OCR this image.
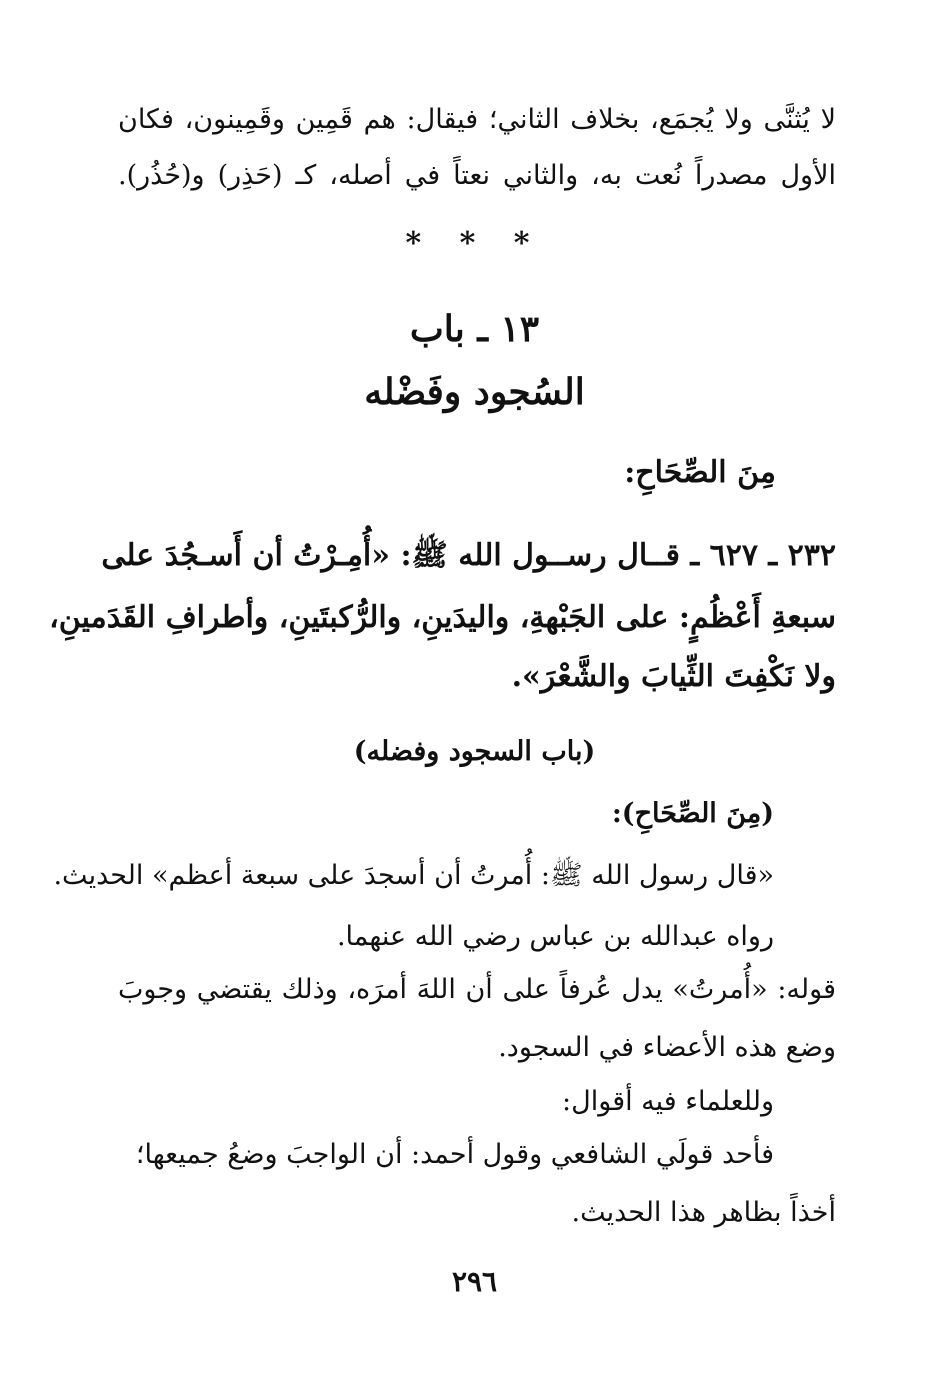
لا يُثنَّى ولا يُجمَع، بخلاف الثاني؛ فيقال: هم قَمِين وقَمِينون، فكان
الأول مصدراً نُعت به، والثاني نعتاً في أصله، كـ (حَذِر) و(حُذُر).
* * *
١٣ ـ باب
السُجود وفَضْله
مِنَ الصِّحَاحِ:
٢٣٢ ـ ٦٢٧ ـ قــال رســول الله ﷺ: «أُمِـرْتُ أن أَسـجُدَ على
سبعةِ أَعْظُمٍ: على الجَبْهةِ، واليدَينِ، والرُّكبتَينِ، وأطرافِ القَدَمينِ،
ولا نَكْفِتَ الثِّيابَ والشَّعْرَ».
(باب السجود وفضله)
(مِنَ الصِّحَاحِ):
«قال رسول الله ﷺ: أُمرتُ أن أسجدَ على سبعة أعظم» الحديث.
رواه عبدالله بن عباس رضي الله عنهما.
قوله: «أُمرتُ» يدل عُرفاً على أن اللهَ أمرَه، وذلك يقتضي وجوبَ
وضع هذه الأعضاء في السجود.
وللعلماء فيه أقوال:
فأحد قولَي الشافعي وقول أحمد: أن الواجبَ وضعُ جميعها؛
أخذاً بظاهر هذا الحديث.
٢٩٦
